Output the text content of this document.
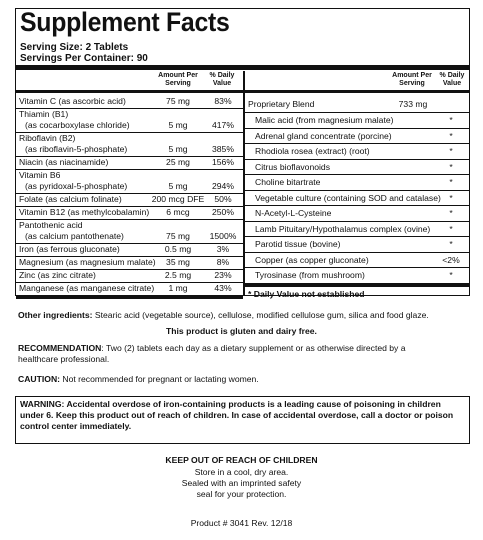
Supplement Facts
Serving Size: 2 Tablets
Servings Per Container: 90
Amount Per Serving
% Daily Value
Amount Per Serving
% Daily Value
Vitamin C (as ascorbic acid)	75 mg	83%
Thiamin (B1)
(as cocarboxylase chloride)	5 mg	417%
Riboflavin (B2)
(as riboflavin-5-phosphate)	5 mg	385%
Niacin (as niacinamide)	25 mg	156%
Vitamin B6
(as pyridoxal-5-phosphate)	5 mg	294%
Folate (as calcium folinate)	200 mcg DFE	50%
Vitamin B12 (as methylcobalamin)	6 mcg	250%
Pantothenic acid
(as calcium pantothenate)	75 mg	1500%
Iron (as ferrous gluconate)	0.5 mg	3%
Magnesium (as magnesium malate)	35 mg	8%
Zinc (as zinc citrate)	2.5 mg	23%
Manganese (as manganese citrate)	1 mg	43%
Proprietary Blend	733 mg
Malic acid (from magnesium malate)	*
Adrenal gland concentrate (porcine)	*
Rhodiola rosea (extract) (root)	*
Citrus bioflavonoids	*
Choline bitartrate	*
Vegetable culture (containing SOD and catalase) *
N-Acetyl-L-Cysteine	*
Lamb Pituitary/Hypothalamus complex (ovine)	*
Parotid tissue (bovine)	*
Copper (as copper gluconate)	<2%
Tyrosinase (from mushroom)	*
* Daily Value not established
Other ingredients: Stearic acid (vegetable source), cellulose, modified cellulose gum, silica and food glaze.
This product is gluten and dairy free.
RECOMMENDATION: Two (2) tablets each day as a dietary supplement or as otherwise directed by a
healthcare professional.
CAUTION: Not recommended for pregnant or lactating women.
WARNING: Accidental overdose of iron-containing products is a leading cause of poisoning in children
under 6. Keep this product out of reach of children. In case of accidental overdose, call a doctor or poison
control center immediately.
KEEP OUT OF REACH OF CHILDREN
Store in a cool, dry area.
Sealed with an imprinted safety
seal for your protection.
Product # 3041 Rev. 12/18
